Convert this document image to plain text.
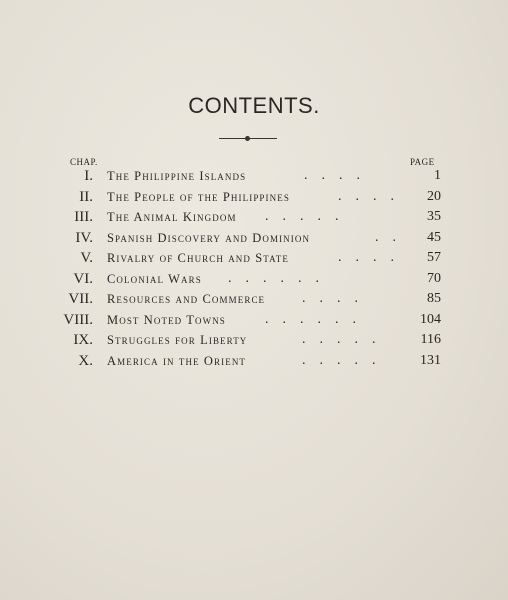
CONTENTS.
CHAP.	PAGE
I. The Philippine Islands	.    .    .    .	1
II. The People of the Philippines	.    .    .    . 20
III. The Animal Kingdom .    .    .    .    .	35
IV. Spanish Discovery and Dominion	.    . 45
V. Rivalry of Church and State	.    .    .    . 57
VI. Colonial Wars .    .    .    .    .    .	70
VII. Resources and Commerce	.    .    .    .	85
VIII. Most Noted Towns	.    .    .    .    .    .	104
IX. Struggles for Liberty	.    .    .    .    .	116
X. America in the Orient	.    .    .    .    .	131
